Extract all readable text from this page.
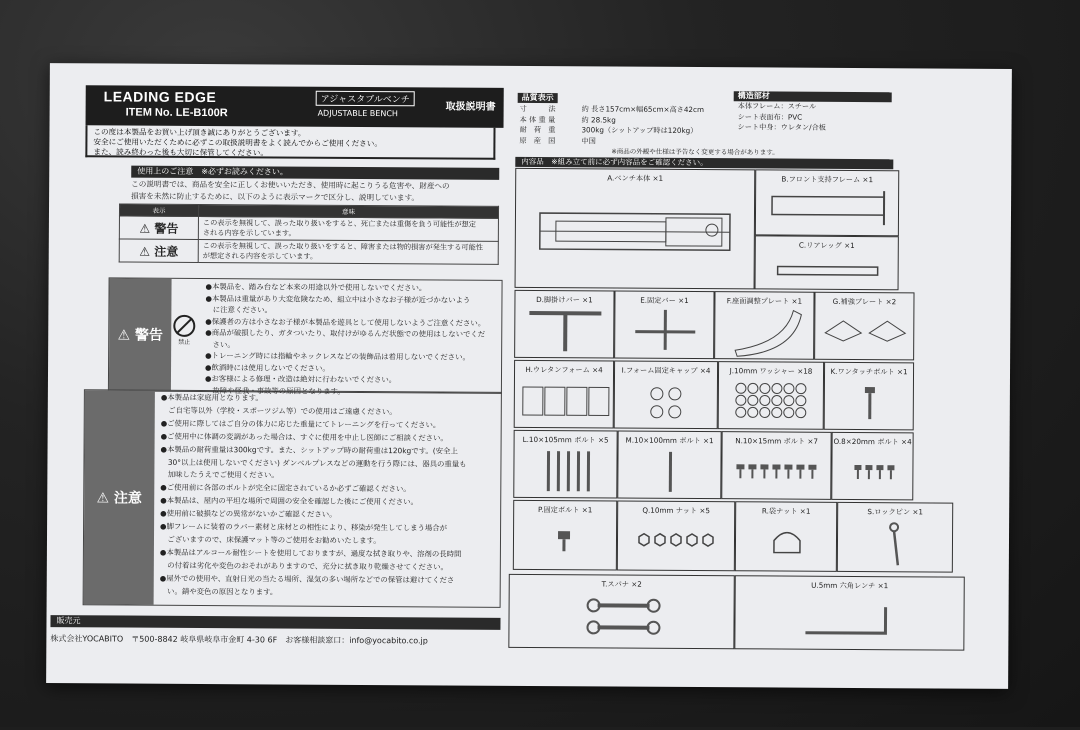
LEADING EDGE
ITEM No. LE-B100R
アジャスタブルベンチ
ADJUSTABLE BENCH
取扱説明書
この度は本製品をお買い上げ頂き誠にありがとうございます。
安全にご使用いただくために必ずこの取扱説明書をよく読んでからご使用ください。
また、読み終わった後も大切に保管してください。
使用上のご注意　※必ずお読みください。
この説明書では、商品を安全に正しくお使いいただき、使用時に起こりうる危害や、財産への
損害を未然に防止するために、以下のように表示マークで区分し、説明しています。
表示	意味
⚠ 警告	この表示を無視して、誤った取り扱いをすると、死亡または重傷を負う可能性が想定
される内容を示しています。

⚠ 注意	この表示を無視して、誤った取り扱いをすると、障害または物的損害が発生する可能性
が想定される内容を示しています。
⚠ 警告	禁止
●本製品を、踏み台など本来の用途以外で使用しないでください。
●本製品は重量があり大変危険なため、組立中は小さなお子様が近づかないよう
　に注意ください。
●保護者の方は小さなお子様が本製品を遊具として使用しないようご注意ください。
●商品が破損したり、ガタついたり、取付けがゆるんだ状態での使用はしないでくだ
　さい。
●トレーニング時には指輪やネックレスなどの装飾品は着用しないでください。
●飲酒時には使用しないでください。
●お客様による修理・改造は絶対に行わないでください。
　故障や怪我・事故等の原因となります。
⚠ 注意
●本製品は家庭用となります。
　ご自宅等以外（学校・スポーツジム等）での使用はご遠慮ください。
●ご使用に際してはご自分の体力に応じた重量にてトレーニングを行ってください。
●ご使用中に体調の変調があった場合は、すぐに使用を中止し医師にご相談ください。
●本製品の耐荷重量は300kgです。また、シットアップ時の耐荷重は120kgです。(安全上
　30°以上は使用しないでください) ダンベルプレスなどの運動を行う際には、器具の重量も
　加味したうえでご使用ください。
●ご使用前に各部のボルトが完全に固定されているか必ずご確認ください。
●本製品は、屋内の平坦な場所で周囲の安全を確認した後にご使用ください。
●使用前に破損などの異常がないかご確認ください。
●脚フレームに装着のラバー素材と床材との相性により、移染が発生してしまう場合が
　ございますので、床保護マット等のご使用をお勧めいたします。
●本製品はアルコール耐性シートを使用しておりますが、過度な拭き取りや、溶剤の長時間
　の付着は劣化や変色のおそれがありますので、充分に拭き取り乾燥させてください。
●屋外での使用や、直射日光の当たる場所、湿気の多い場所などでの保管は避けてくださ
　い。錆や変色の原因となります。
販売元
株式会社YOCABITO　〒500-8842 岐阜県岐阜市金町 4-30 6F　お客様相談窓口：info@yocabito.co.jp
品質表示
寸　　　法	約 長さ157cm×幅65cm×高さ42cm
本 体 重 量	約 28.5kg
耐　荷　重	300kg（シットアップ時は120kg）
原　産　国	中国
※商品の外観や仕様は予告なく変更する場合があります。
構造部材
本体フレーム：スチール
シート表面布：PVC
シート中身：ウレタン/合板
内容品　※組み立て前に必ず内容品をご確認ください。
A.ベンチ本体 ×1	B.フロント支持フレーム ×1
C.リアレッグ ×1
D.脚掛けバー ×1	E.固定バー ×1	F.座面調整プレート ×1	G.補強プレート ×2
H.ウレタンフォーム ×4	I.フォーム固定キャップ ×4	J.10mm ワッシャー ×18	K.ワンタッチボルト ×1
L.10×105mm ボルト ×5	M.10×100mm ボルト ×1	N.10×15mm ボルト ×7	O.8×20mm ボルト ×4
P.固定ボルト ×1	Q.10mm ナット ×5	R.袋ナット ×1	S.ロックピン ×1
T.スパナ ×2	U.5mm 六角レンチ ×1
